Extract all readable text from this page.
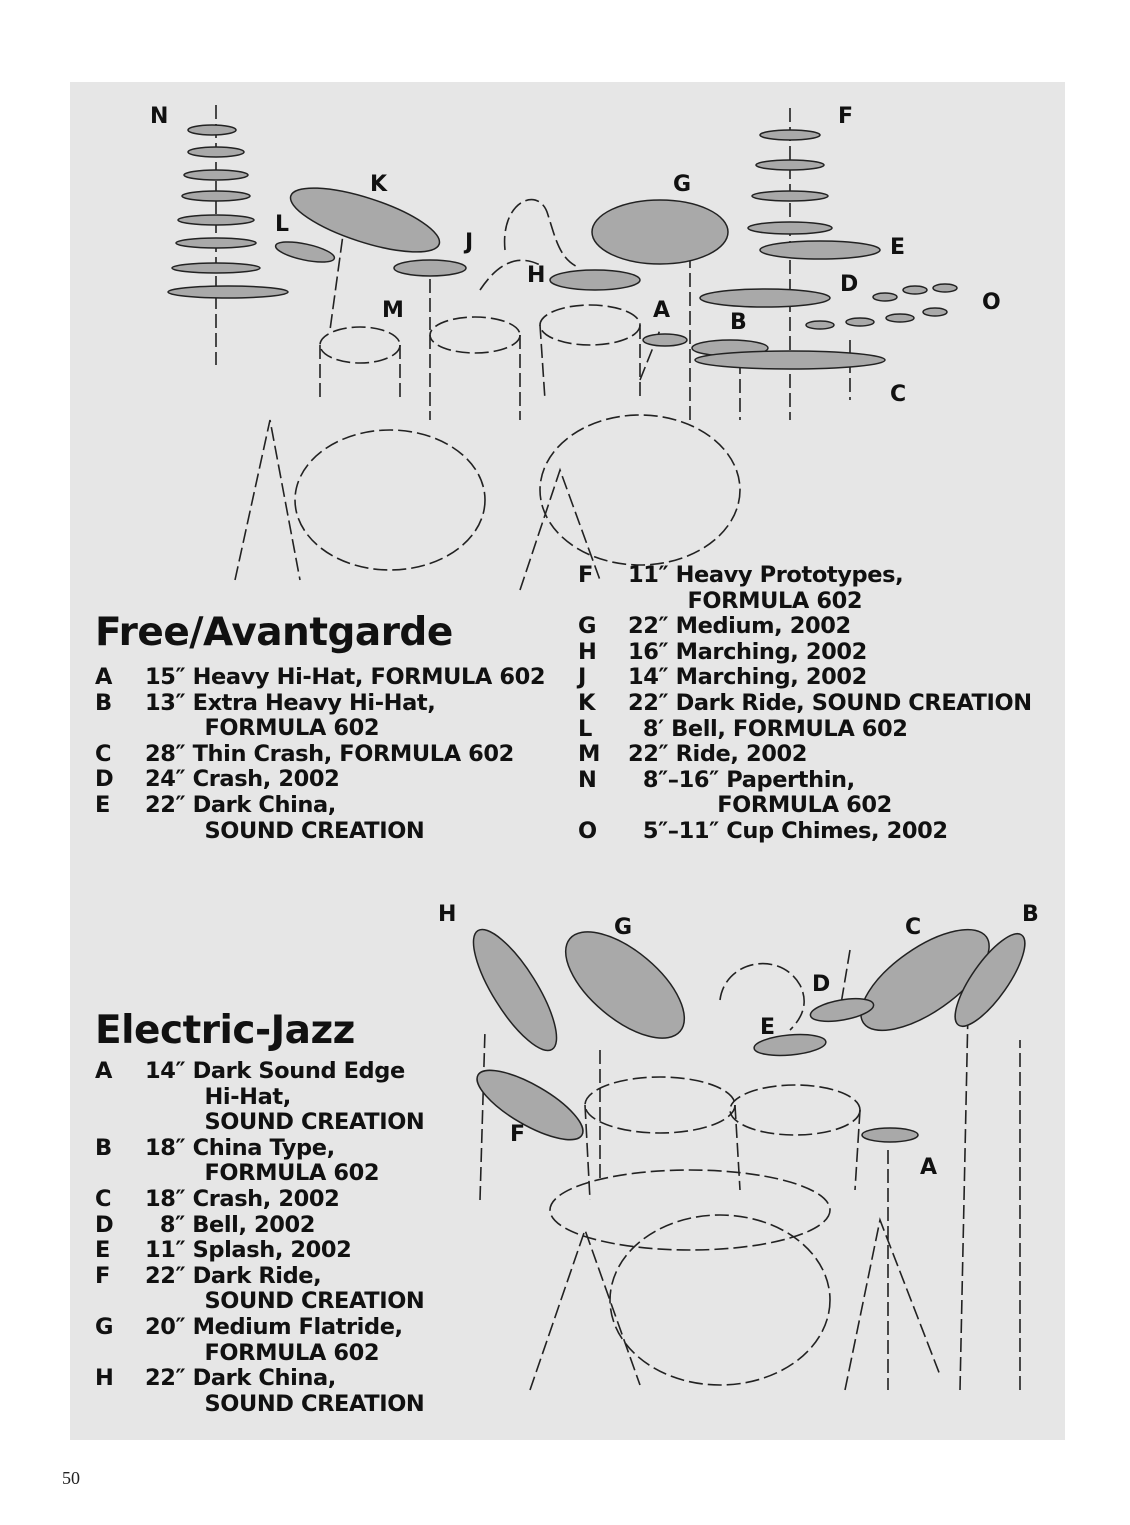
N	F
K	G
L
J	E
H	D
O
M	A	B
C
Free/Avantgarde
A	15″ Heavy Hi-Hat, FORMULA 602
B	13″ Extra Heavy Hi-Hat,
FORMULA 602
C	28″ Thin Crash, FORMULA 602
D	24″ Crash, 2002
E	22″ Dark China,
SOUND CREATION
F	11″ Heavy Prototypes,
FORMULA 602
G	22″ Medium, 2002
H	16″ Marching, 2002
J	14″ Marching, 2002
K	22″ Dark Ride, SOUND CREATION
L	8′ Bell, FORMULA 602
M	22″ Ride, 2002
N	8″–16″ Paperthin,
FORMULA 602
O	5″–11″ Cup Chimes, 2002
H
G	C
B
D
E
F
A
Electric-Jazz
A	14″ Dark Sound Edge
Hi-Hat,
SOUND CREATION
B	18″ China Type,
FORMULA 602
C	18″ Crash, 2002
D	8″ Bell, 2002
E	11″ Splash, 2002
F	22″ Dark Ride,
SOUND CREATION
G	20″ Medium Flatride,
FORMULA 602
H	22″ Dark China,
SOUND CREATION
50
